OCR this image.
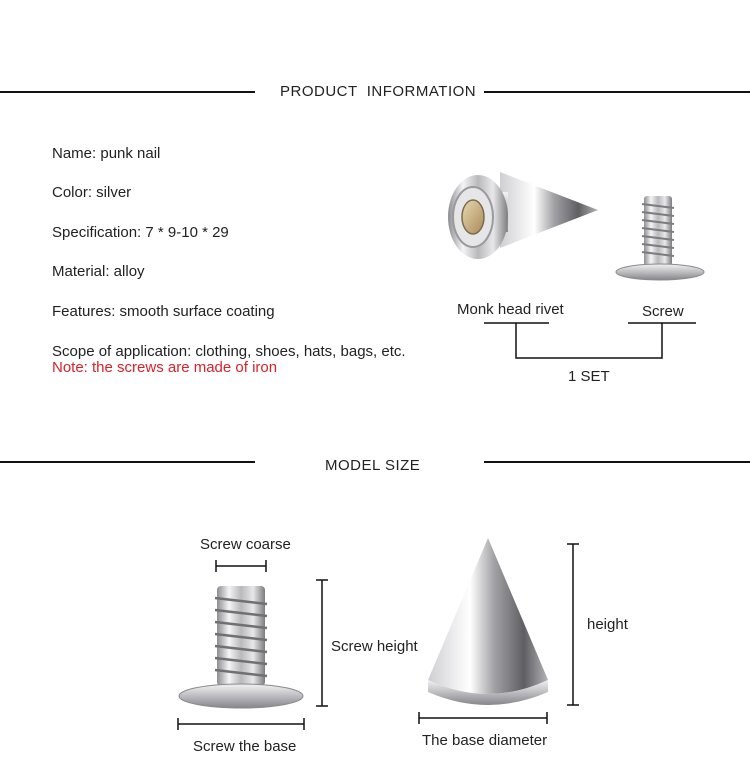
PRODUCT  INFORMATION
Name: punk nail
Color: silver
Specification: 7 * 9-10 * 29
Material: alloy
Features: smooth surface coating
Scope of application: clothing, shoes, hats, bags, etc.
Note: the screws are made of iron
Monk head rivet	Screw
1 SET
MODEL SIZE
Screw coarse
Screw height
Screw the base
height
The base diameter
